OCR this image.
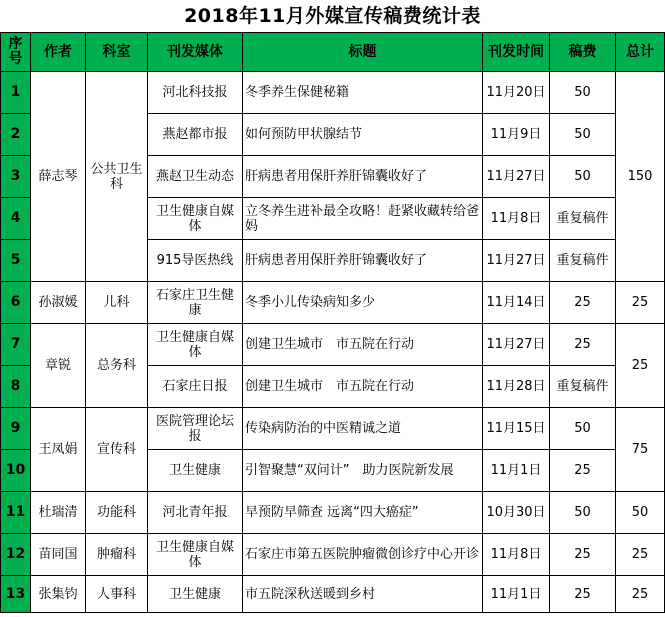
2018年11月外媒宣传稿费统计表
序号	作者	科室	刊发媒体	标题	刊发时间	稿费	总计
1	薛志琴	公共卫生科	河北科技报	冬季养生保健秘籍	11月20日	50	150
2			燕赵都市报	如何预防甲状腺结节	11月9日	50	
3			燕赵卫生动态	肝病患者用保肝养肝锦囊收好了	11月27日	50	
4			卫生健康自媒体	立冬养生进补最全攻略！赶紧收藏转给爸妈	11月8日	重复稿件	
5			915导医热线	肝病患者用保肝养肝锦囊收好了	11月27日	重复稿件	
6	孙淑媛	儿科	石家庄卫生健康	冬季小儿传染病知多少	11月14日	25	25
7	章锐	总务科	卫生健康自媒体	创建卫生城市　市五院在行动	11月27日	25	25
8			石家庄日报	创建卫生城市　市五院在行动	11月28日	重复稿件	
9	王凤娟	宣传科	医院管理论坛报	传染病防治的中医精诚之道	11月15日	50	75
10			卫生健康	引智聚慧“双问计”　助力医院新发展	11月1日	25	
11	杜瑞清	功能科	河北青年报	早预防早筛查 远离“四大癌症”	10月30日	50	50
12	苗同国	肿瘤科	卫生健康自媒体	石家庄市第五医院肿瘤微创诊疗中心开诊	11月8日	25	25
13	张集钧	人事科	卫生健康	市五院深秋送暖到乡村	11月1日	25	25
